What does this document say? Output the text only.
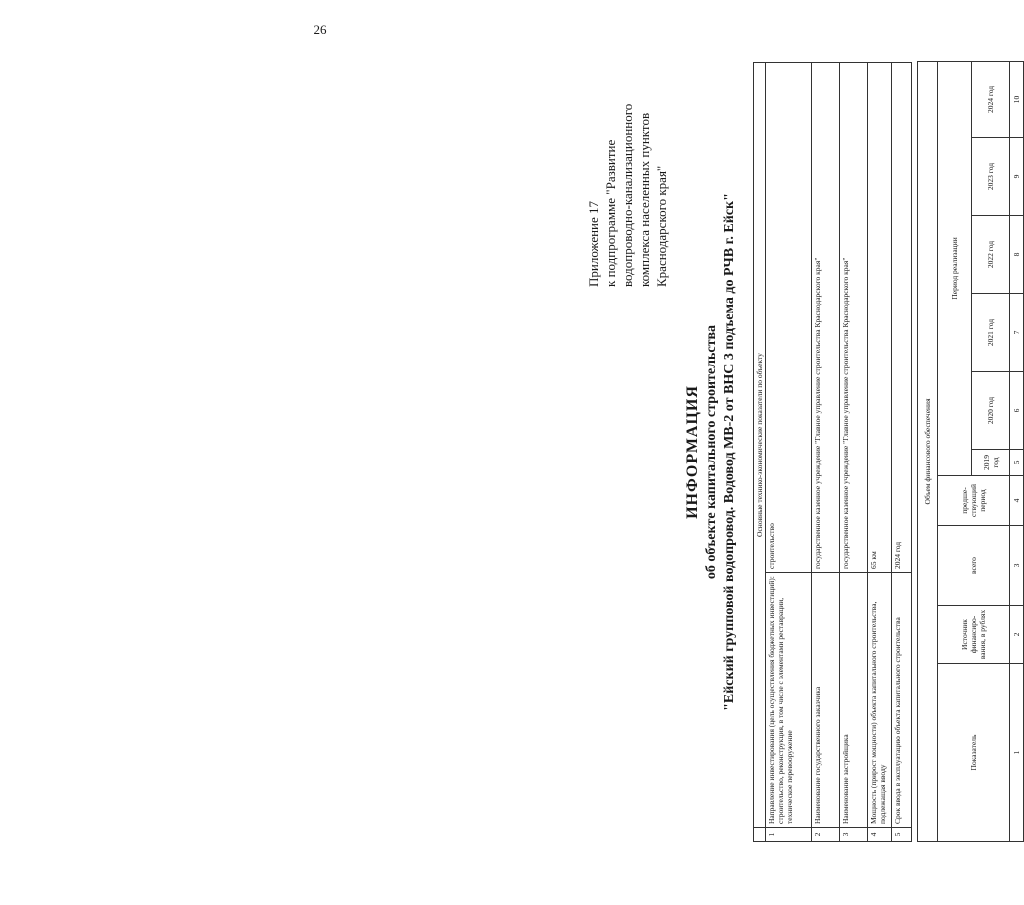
26
Приложение 17 к подпрограмме "Развитие водопроводно-канализационного комплекса населенных пунктов Краснодарского края"
ИНФОРМАЦИЯ об объекте капитального строительства "Ейский групповой водопровод. Водовод МВ-2 от ВНС 3 подъема до РЧВ г. Ейск"
	Основные технико-экономические показатели по объекту	
1	Направление инвестирования (цель осуществления бюджетных инвестиций): строительство, реконструкция, в том числе с элементами реставрации, техническое перевооружение	строительство
2	Наименование государственного заказчика	государственное казенное учреждение "Главное управление строительства Краснодарского края"
3	Наименование застройщика	государственное казенное учреждение "Главное управление строительства Краснодарского края"
4	Мощность (прирост мощности) объекта капитального строительства, подлежащая вводу	65 км
5	Срок ввода в эксплуатацию объекта капитального строительства	2024 год
Объем финансового обеспечения									
Показатель	Источник финансиро-вания, в рублях	всего	предше-ствующий период	Период реализации					
				2019 год	2020 год	2021 год	2022 год	2023 год	2024 год
1	2	3	4	5	6	7	8	9	10
